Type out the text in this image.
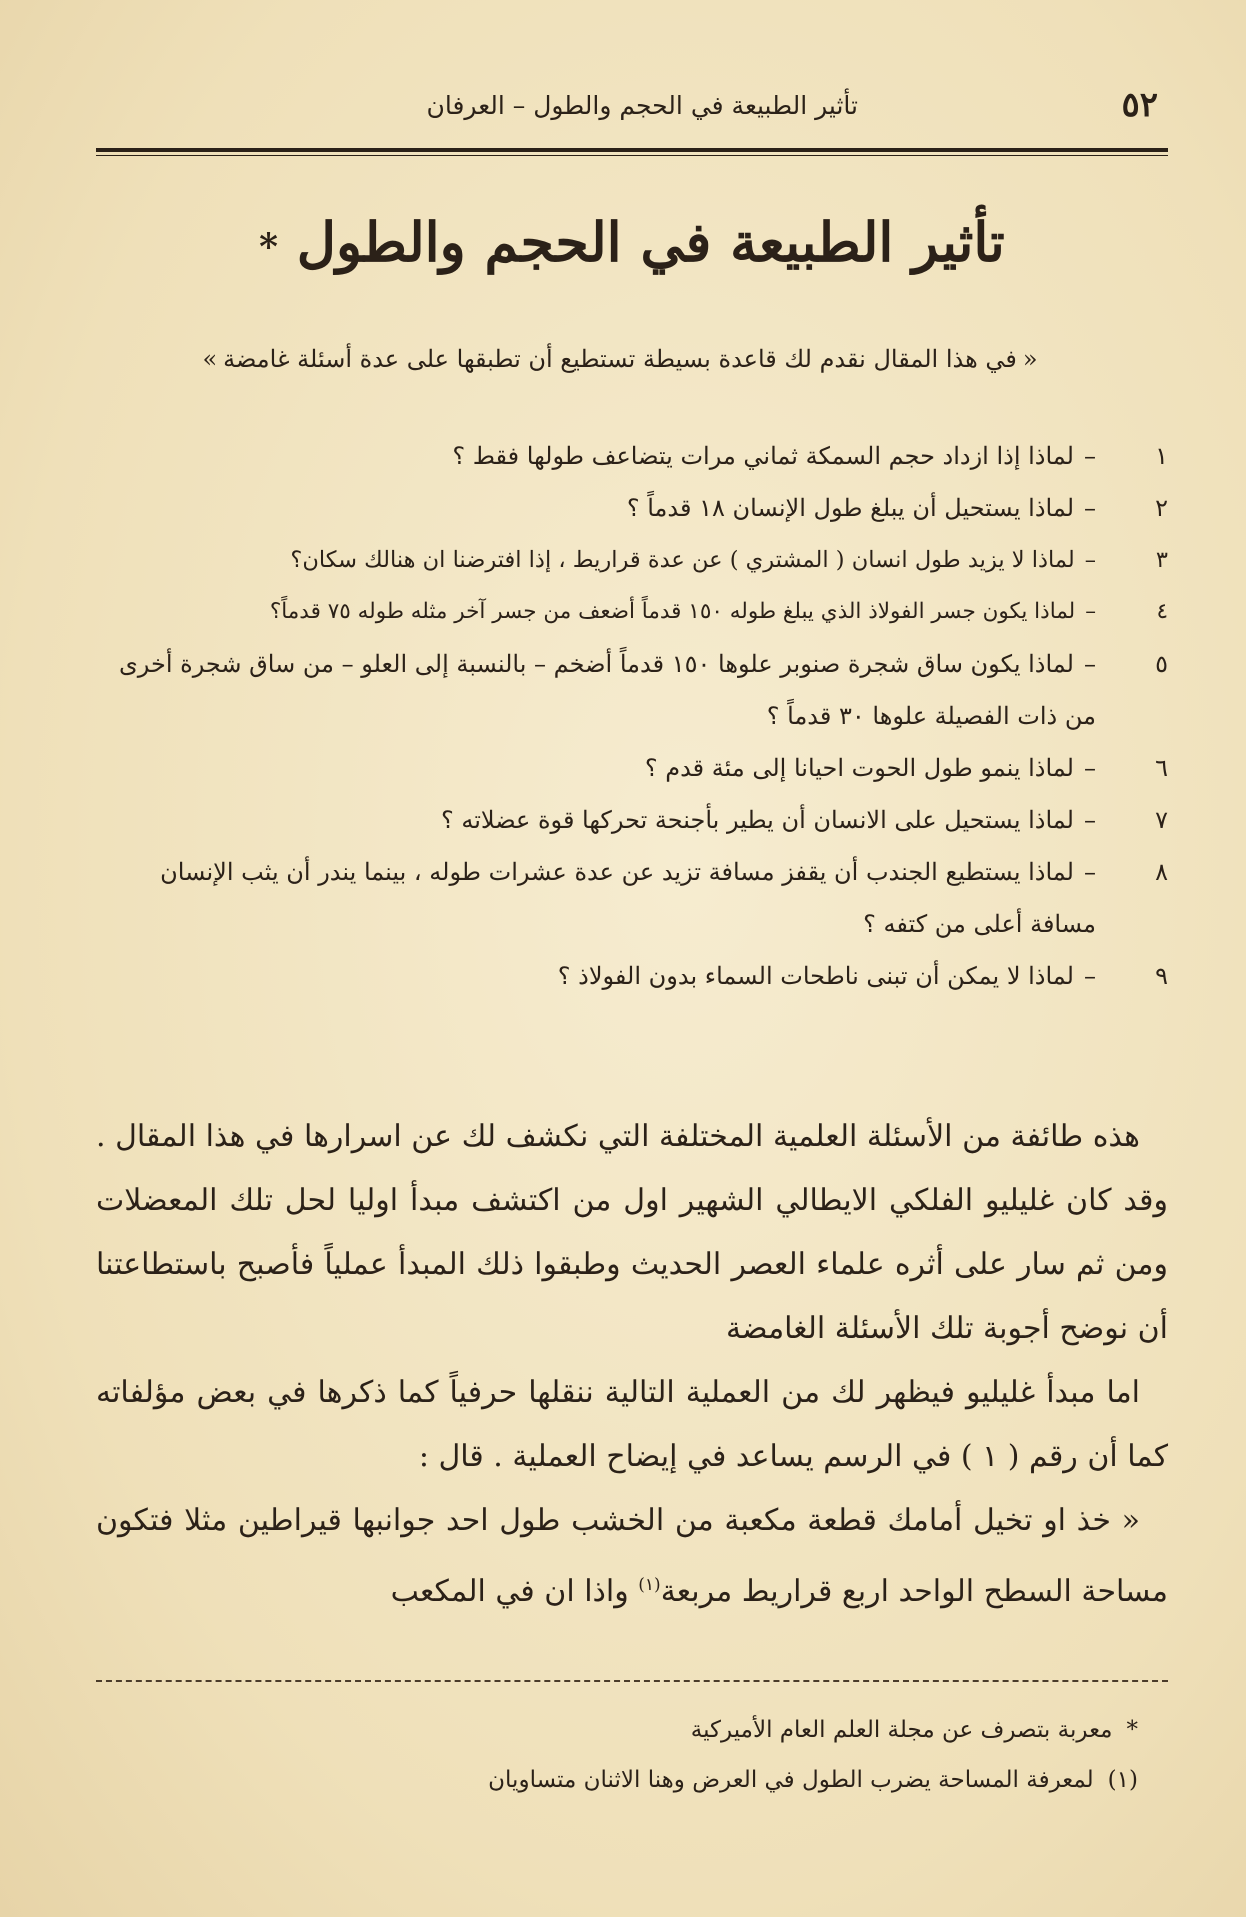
تأثير الطبيعة في الحجم والطول – العرفان	٥٢
تأثير الطبيعة في الحجم والطول *
«في هذا المقال نقدم لك قاعدة بسيطة تستطيع أن تطبقها على عدة أسئلة غامضة»
١
–لماذا إذا ازداد حجم السمكة ثماني مرات يتضاعف طولها فقط ؟
٢
–لماذا يستحيل أن يبلغ طول الإنسان ١٨ قدماً ؟
٣
–لماذا لا يزيد طول انسان ( المشتري ) عن عدة قراريط ، إذا افترضنا ان هنالك سكان؟
٤
–لماذا يكون جسر الفولاذ الذي يبلغ طوله ١٥٠ قدماً أضعف من جسر آخر مثله طوله ٧٥ قدماً؟
٥
–لماذا يكون ساق شجرة صنوبر علوها ١٥٠ قدماً أضخم – بالنسبة إلى العلو – من ساق شجرة أخرى من ذات الفصيلة علوها ٣٠ قدماً ؟
٦
–لماذا ينمو طول الحوت احيانا إلى مئة قدم ؟
٧
–لماذا يستحيل على الانسان أن يطير بأجنحة تحركها قوة عضلاته ؟
٨
–لماذا يستطيع الجندب أن يقفز مسافة تزيد عن عدة عشرات طوله ، بينما يندر أن يثب الإنسان مسافة أعلى من كتفه ؟
٩
–لماذا لا يمكن أن تبنى ناطحات السماء بدون الفولاذ ؟

هذه طائفة من الأسئلة العلمية المختلفة التي نكشف لك عن اسرارها في هذا المقال . وقد كان غليليو الفلكي الايطالي الشهير اول من اكتشف مبدأ اوليا لحل تلك المعضلات ومن ثم سار على أثره علماء العصر الحديث وطبقوا ذلك المبدأ عملياً فأصبح باستطاعتنا أن نوضح أجوبة تلك الأسئلة الغامضة

اما مبدأ غليليو فيظهر لك من العملية التالية ننقلها حرفياً كما ذكرها في بعض مؤلفاته كما أن رقم ( ١ ) في الرسم يساعد في إيضاح العملية . قال :

« خذ او تخيل أمامك قطعة مكعبة من الخشب طول احد جوانبها قيراطين مثلا فتكون مساحة السطح الواحد اربع قراريط مربعة$^{(١)}$ واذا ان في المكعب

*معربة بتصرف عن مجلة العلم العام الأميركية
(١)لمعرفة المساحة يضرب الطول في العرض وهنا الاثنان متساويان
